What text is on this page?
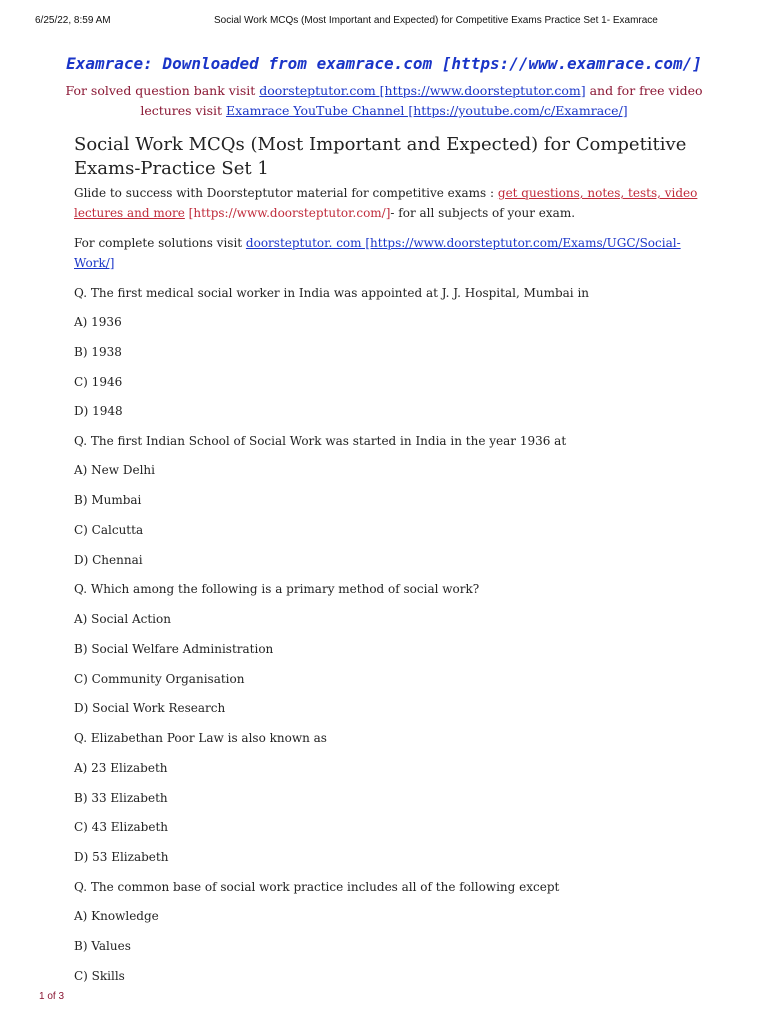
6/25/22, 8:59 AM	Social Work MCQs (Most Important and Expected) for Competitive Exams Practice Set 1- Examrace
Examrace: Downloaded from examrace.com [https://www.examrace.com/]
For solved question bank visit doorsteptutor.com [https://www.doorsteptutor.com] and for free video lectures visit Examrace YouTube Channel [https://youtube.com/c/Examrace/]
Social Work MCQs (Most Important and Expected) for Competitive Exams-Practice Set 1
Glide to success with Doorsteptutor material for competitive exams : get questions, notes, tests, video lectures and more [https://www.doorsteptutor.com/]- for all subjects of your exam.
For complete solutions visit doorsteptutor. com [https://www.doorsteptutor.com/Exams/UGC/Social-Work/]
Q. The first medical social worker in India was appointed at J. J. Hospital, Mumbai in
A) 1936
B) 1938
C) 1946
D) 1948
Q. The first Indian School of Social Work was started in India in the year 1936 at
A) New Delhi
B) Mumbai
C) Calcutta
D) Chennai
Q. Which among the following is a primary method of social work?
A) Social Action
B) Social Welfare Administration
C) Community Organisation
D) Social Work Research
Q. Elizabethan Poor Law is also known as
A) 23 Elizabeth
B) 33 Elizabeth
C) 43 Elizabeth
D) 53 Elizabeth
Q. The common base of social work practice includes all of the following except
A) Knowledge
B) Values
C) Skills
1 of 3
